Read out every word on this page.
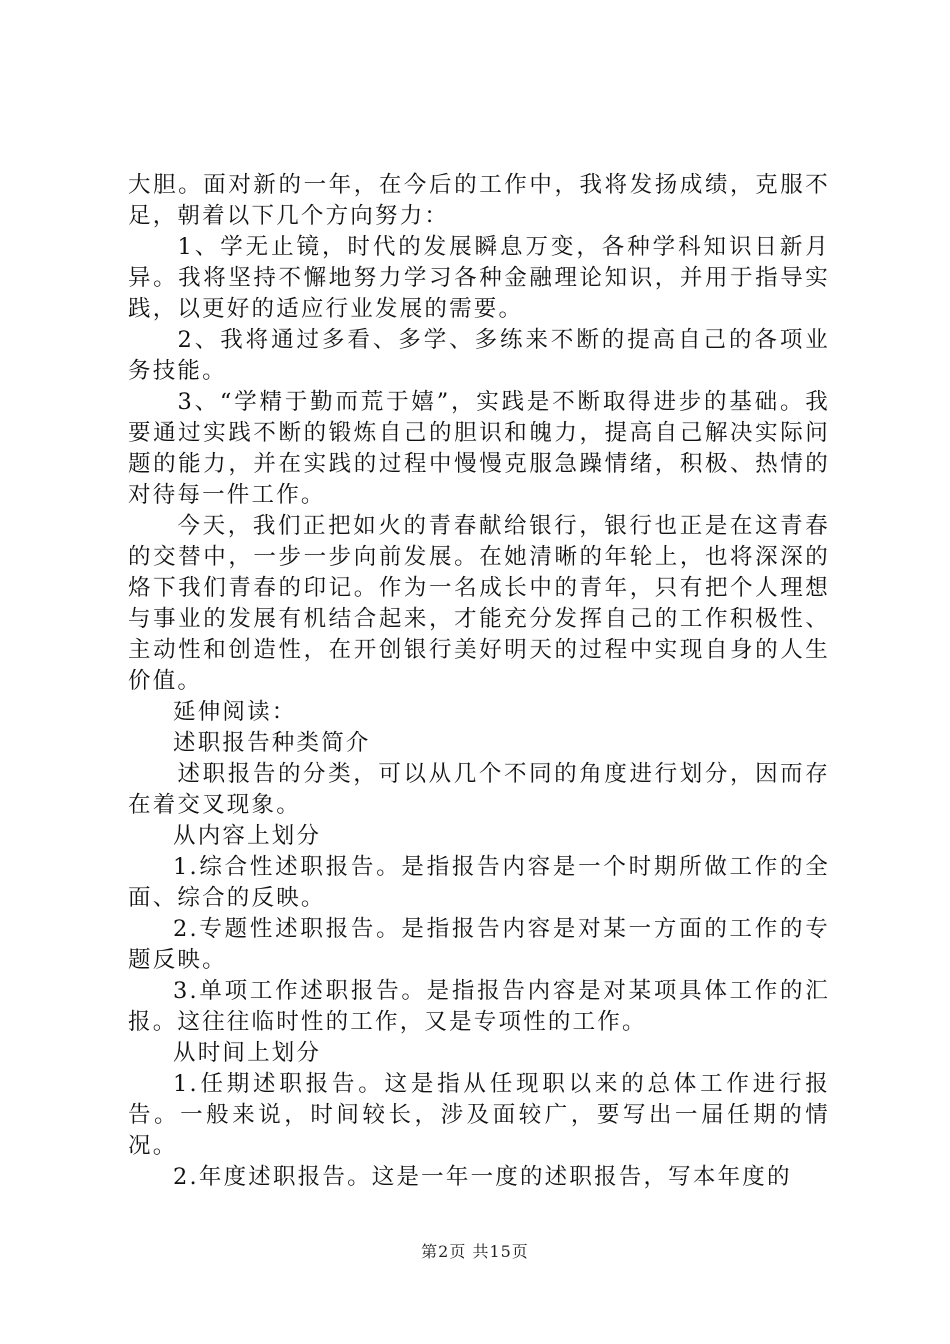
大胆。面对新的一年，在今后的工作中，我将发扬成绩，克服不足，朝着以下几个方向努力：

1、学无止镜，时代的发展瞬息万变，各种学科知识日新月异。我将坚持不懈地努力学习各种金融理论知识，并用于指导实践，以更好的适应行业发展的需要。

2、我将通过多看、多学、多练来不断的提高自己的各项业务技能。

3、“学精于勤而荒于嬉”，实践是不断取得进步的基础。我要通过实践不断的锻炼自己的胆识和魄力，提高自己解决实际问题的能力，并在实践的过程中慢慢克服急躁情绪，积极、热情的对待每一件工作。

今天，我们正把如火的青春献给银行，银行也正是在这青春的交替中，一步一步向前发展。在她清晰的年轮上，也将深深的烙下我们青春的印记。作为一名成长中的青年，只有把个人理想与事业的发展有机结合起来，才能充分发挥自己的工作积极性、主动性和创造性，在开创银行美好明天的过程中实现自身的人生价值。

延伸阅读：

述职报告种类简介

述职报告的分类，可以从几个不同的角度进行划分，因而存在着交叉现象。

从内容上划分

1.综合性述职报告。是指报告内容是一个时期所做工作的全面、综合的反映。

2.专题性述职报告。是指报告内容是对某一方面的工作的专题反映。

3.单项工作述职报告。是指报告内容是对某项具体工作的汇报。这往往临时性的工作，又是专项性的工作。

从时间上划分

1.任期述职报告。这是指从任现职以来的总体工作进行报告。一般来说，时间较长，涉及面较广，要写出一届任期的情况。

2.年度述职报告。这是一年一度的述职报告，写本年度的

第2页 共15页
